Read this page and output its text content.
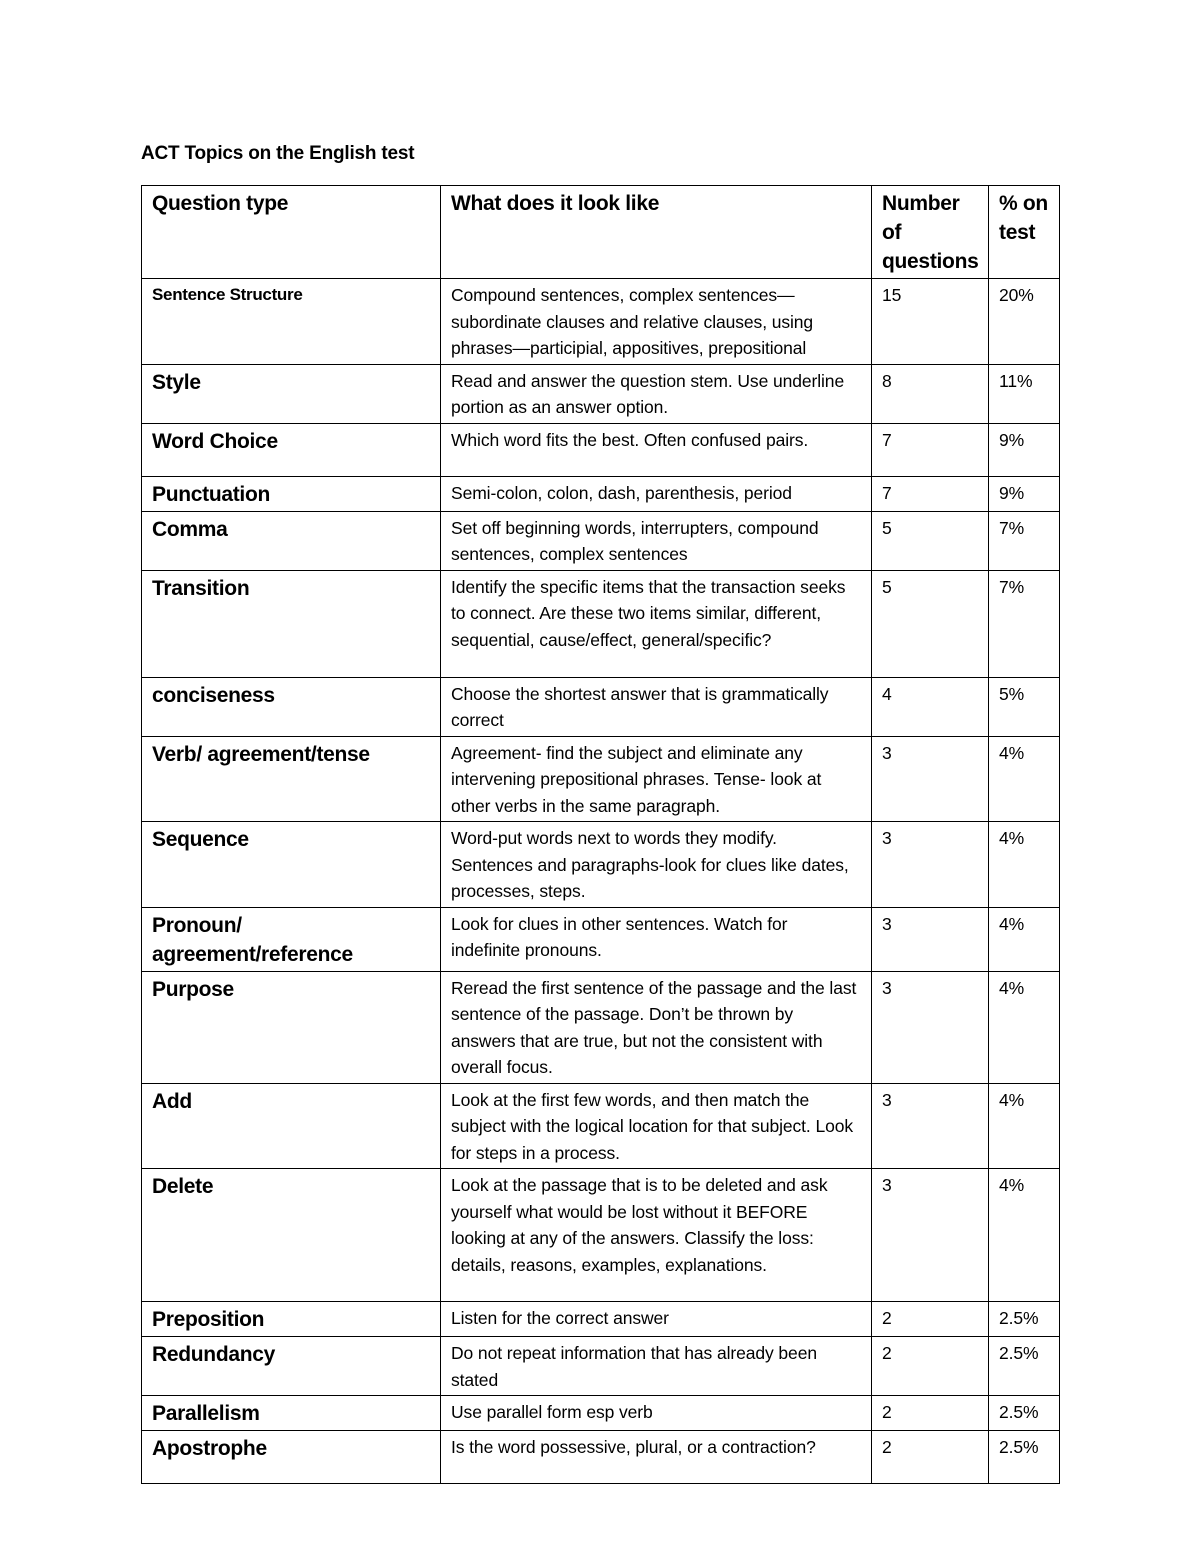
ACT Topics on the English test
Question type	What does it look like	Number of questions	% on test
Sentence Structure	Compound sentences, complex sentences—subordinate clauses and relative clauses, using phrases—participial, appositives, prepositional	15	20%
Style	Read and answer the question stem. Use underline portion as an answer option.	8	11%
Word Choice	Which word fits the best. Often confused pairs.	7	9%
Punctuation	Semi-colon, colon, dash, parenthesis, period	7	9%
Comma	Set off beginning words, interrupters, compound sentences, complex sentences	5	7%
Transition	Identify the specific items that the transaction seeks to connect. Are these two items similar, different, sequential, cause/effect, general/specific?	5	7%
conciseness	Choose the shortest answer that is grammatically correct	4	5%
Verb/ agreement/tense	Agreement- find the subject and eliminate any intervening prepositional phrases. Tense- look at other verbs in the same paragraph.	3	4%
Sequence	Word-put words next to words they modify. Sentences and paragraphs-look for clues like dates, processes, steps.	3	4%
Pronoun/ agreement/reference	Look for clues in other sentences. Watch for indefinite pronouns.	3	4%
Purpose	Reread the first sentence of the passage and the last sentence of the passage. Don’t be thrown by answers that are true, but not the consistent with overall focus.	3	4%
Add	Look at the first few words, and then match the subject with the logical location for that subject. Look for steps in a process.	3	4%
Delete	Look at the passage that is to be deleted and ask yourself what would be lost without it BEFORE looking at any of the answers. Classify the loss: details, reasons, examples, explanations.	3	4%
Preposition	Listen for the correct answer	2	2.5%
Redundancy	Do not repeat information that has already been stated	2	2.5%
Parallelism	Use parallel form esp verb	2	2.5%
Apostrophe	Is the word possessive, plural, or a contraction?	2	2.5%
